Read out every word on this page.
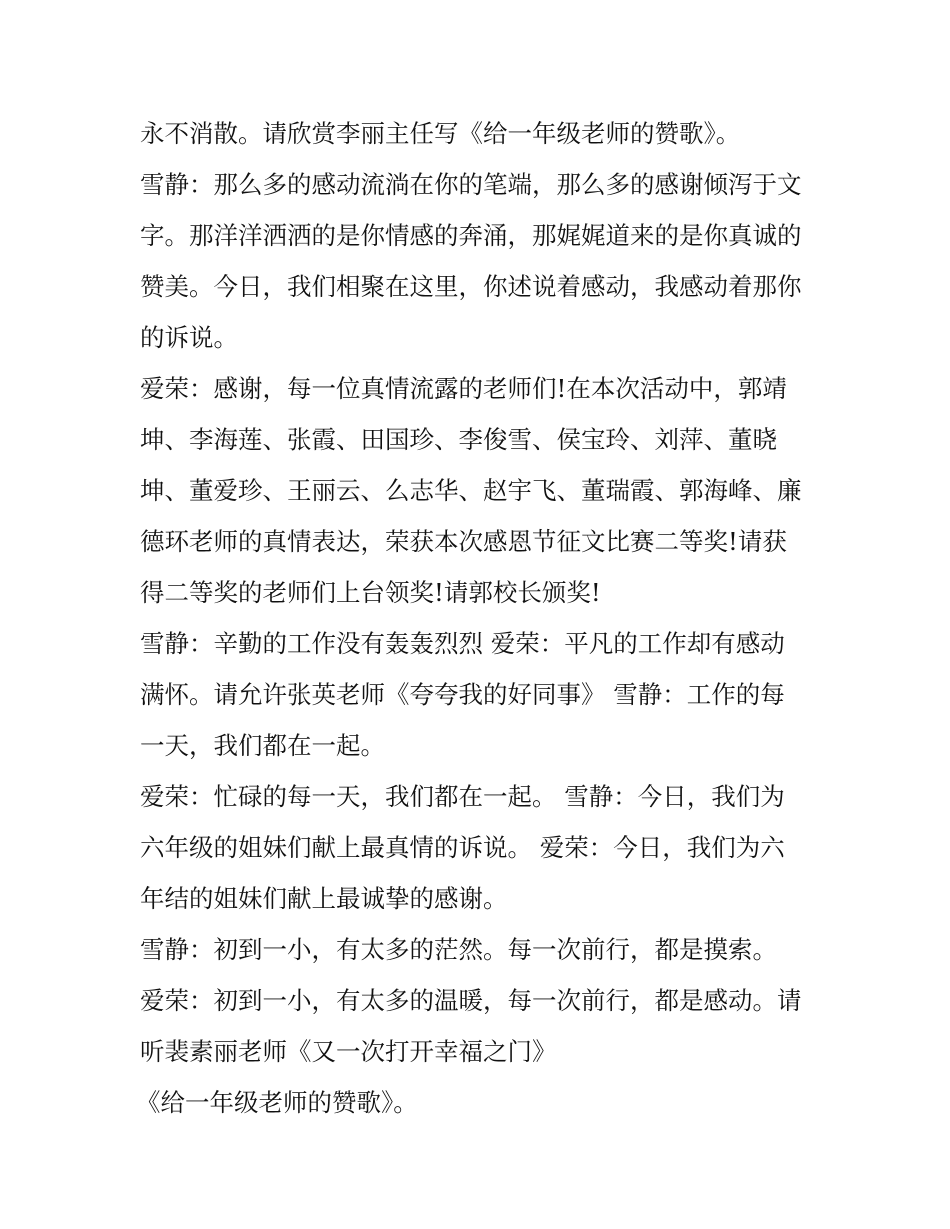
永不消散。请欣赏李丽主任写《给一年级老师的赞歌》。
雪静：那么多的感动流淌在你的笔端，那么多的感谢倾泻于文
字。那洋洋洒洒的是你情感的奔涌，那娓娓道来的是你真诚的
赞美。今日，我们相聚在这里，你述说着感动，我感动着那你
的诉说。
爱荣：感谢，每一位真情流露的老师们!在本次活动中，郭靖
坤、李海莲、张霞、田国珍、李俊雪、侯宝玲、刘萍、董晓
坤、董爱珍、王丽云、么志华、赵宇飞、董瑞霞、郭海峰、廉
德环老师的真情表达，荣获本次感恩节征文比赛二等奖!请获
得二等奖的老师们上台领奖!请郭校长颁奖!
雪静：辛勤的工作没有轰轰烈烈 爱荣：平凡的工作却有感动
满怀。请允许张英老师《夸夸我的好同事》 雪静：工作的每
一天，我们都在一起。
爱荣：忙碌的每一天，我们都在一起。 雪静：今日，我们为
六年级的姐妹们献上最真情的诉说。 爱荣：今日，我们为六
年结的姐妹们献上最诚挚的感谢。
雪静：初到一小，有太多的茫然。每一次前行，都是摸索。
爱荣：初到一小，有太多的温暖，每一次前行，都是感动。请
听裴素丽老师《又一次打开幸福之门》
《给一年级老师的赞歌》。
